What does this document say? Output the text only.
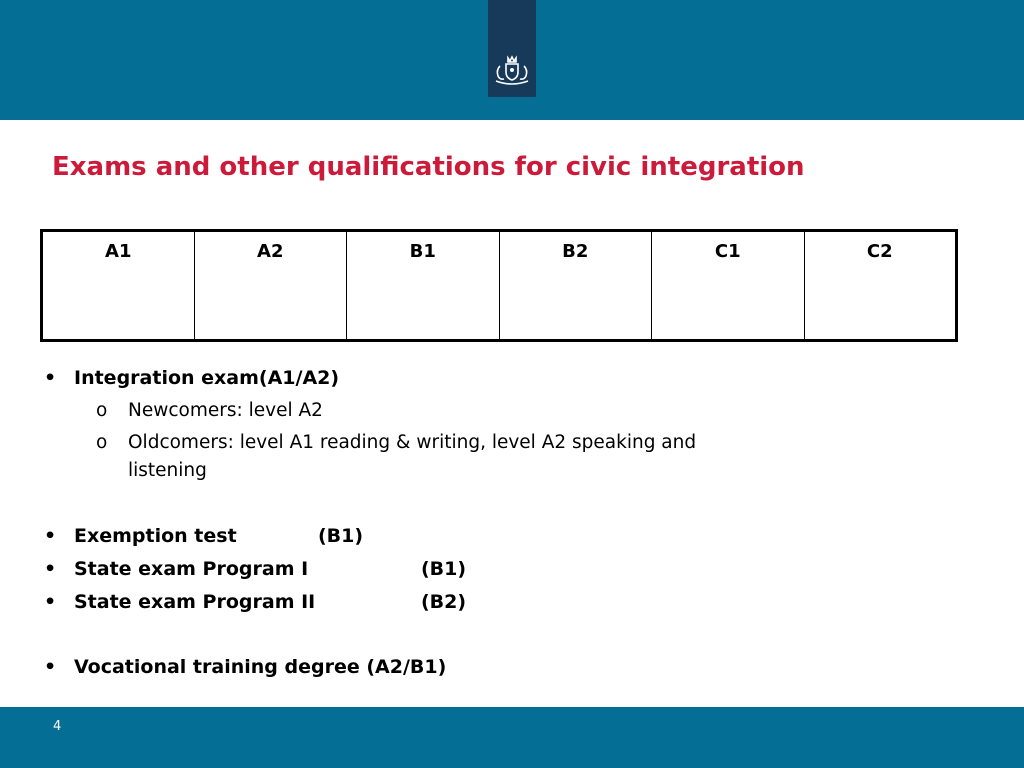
Exams and other qualifications for civic integration
A1	A2	B1	B2	C1	C2

• Integration exam(A1/A2)

o Newcomers: level A2

o Oldcomers: level A1 reading & writing, level A2 speaking and

listening

• Exemption test	(B1)

• State exam Program I	(B1)

• State exam Program II	(B2)

• Vocational training degree (A2/B1)

4
